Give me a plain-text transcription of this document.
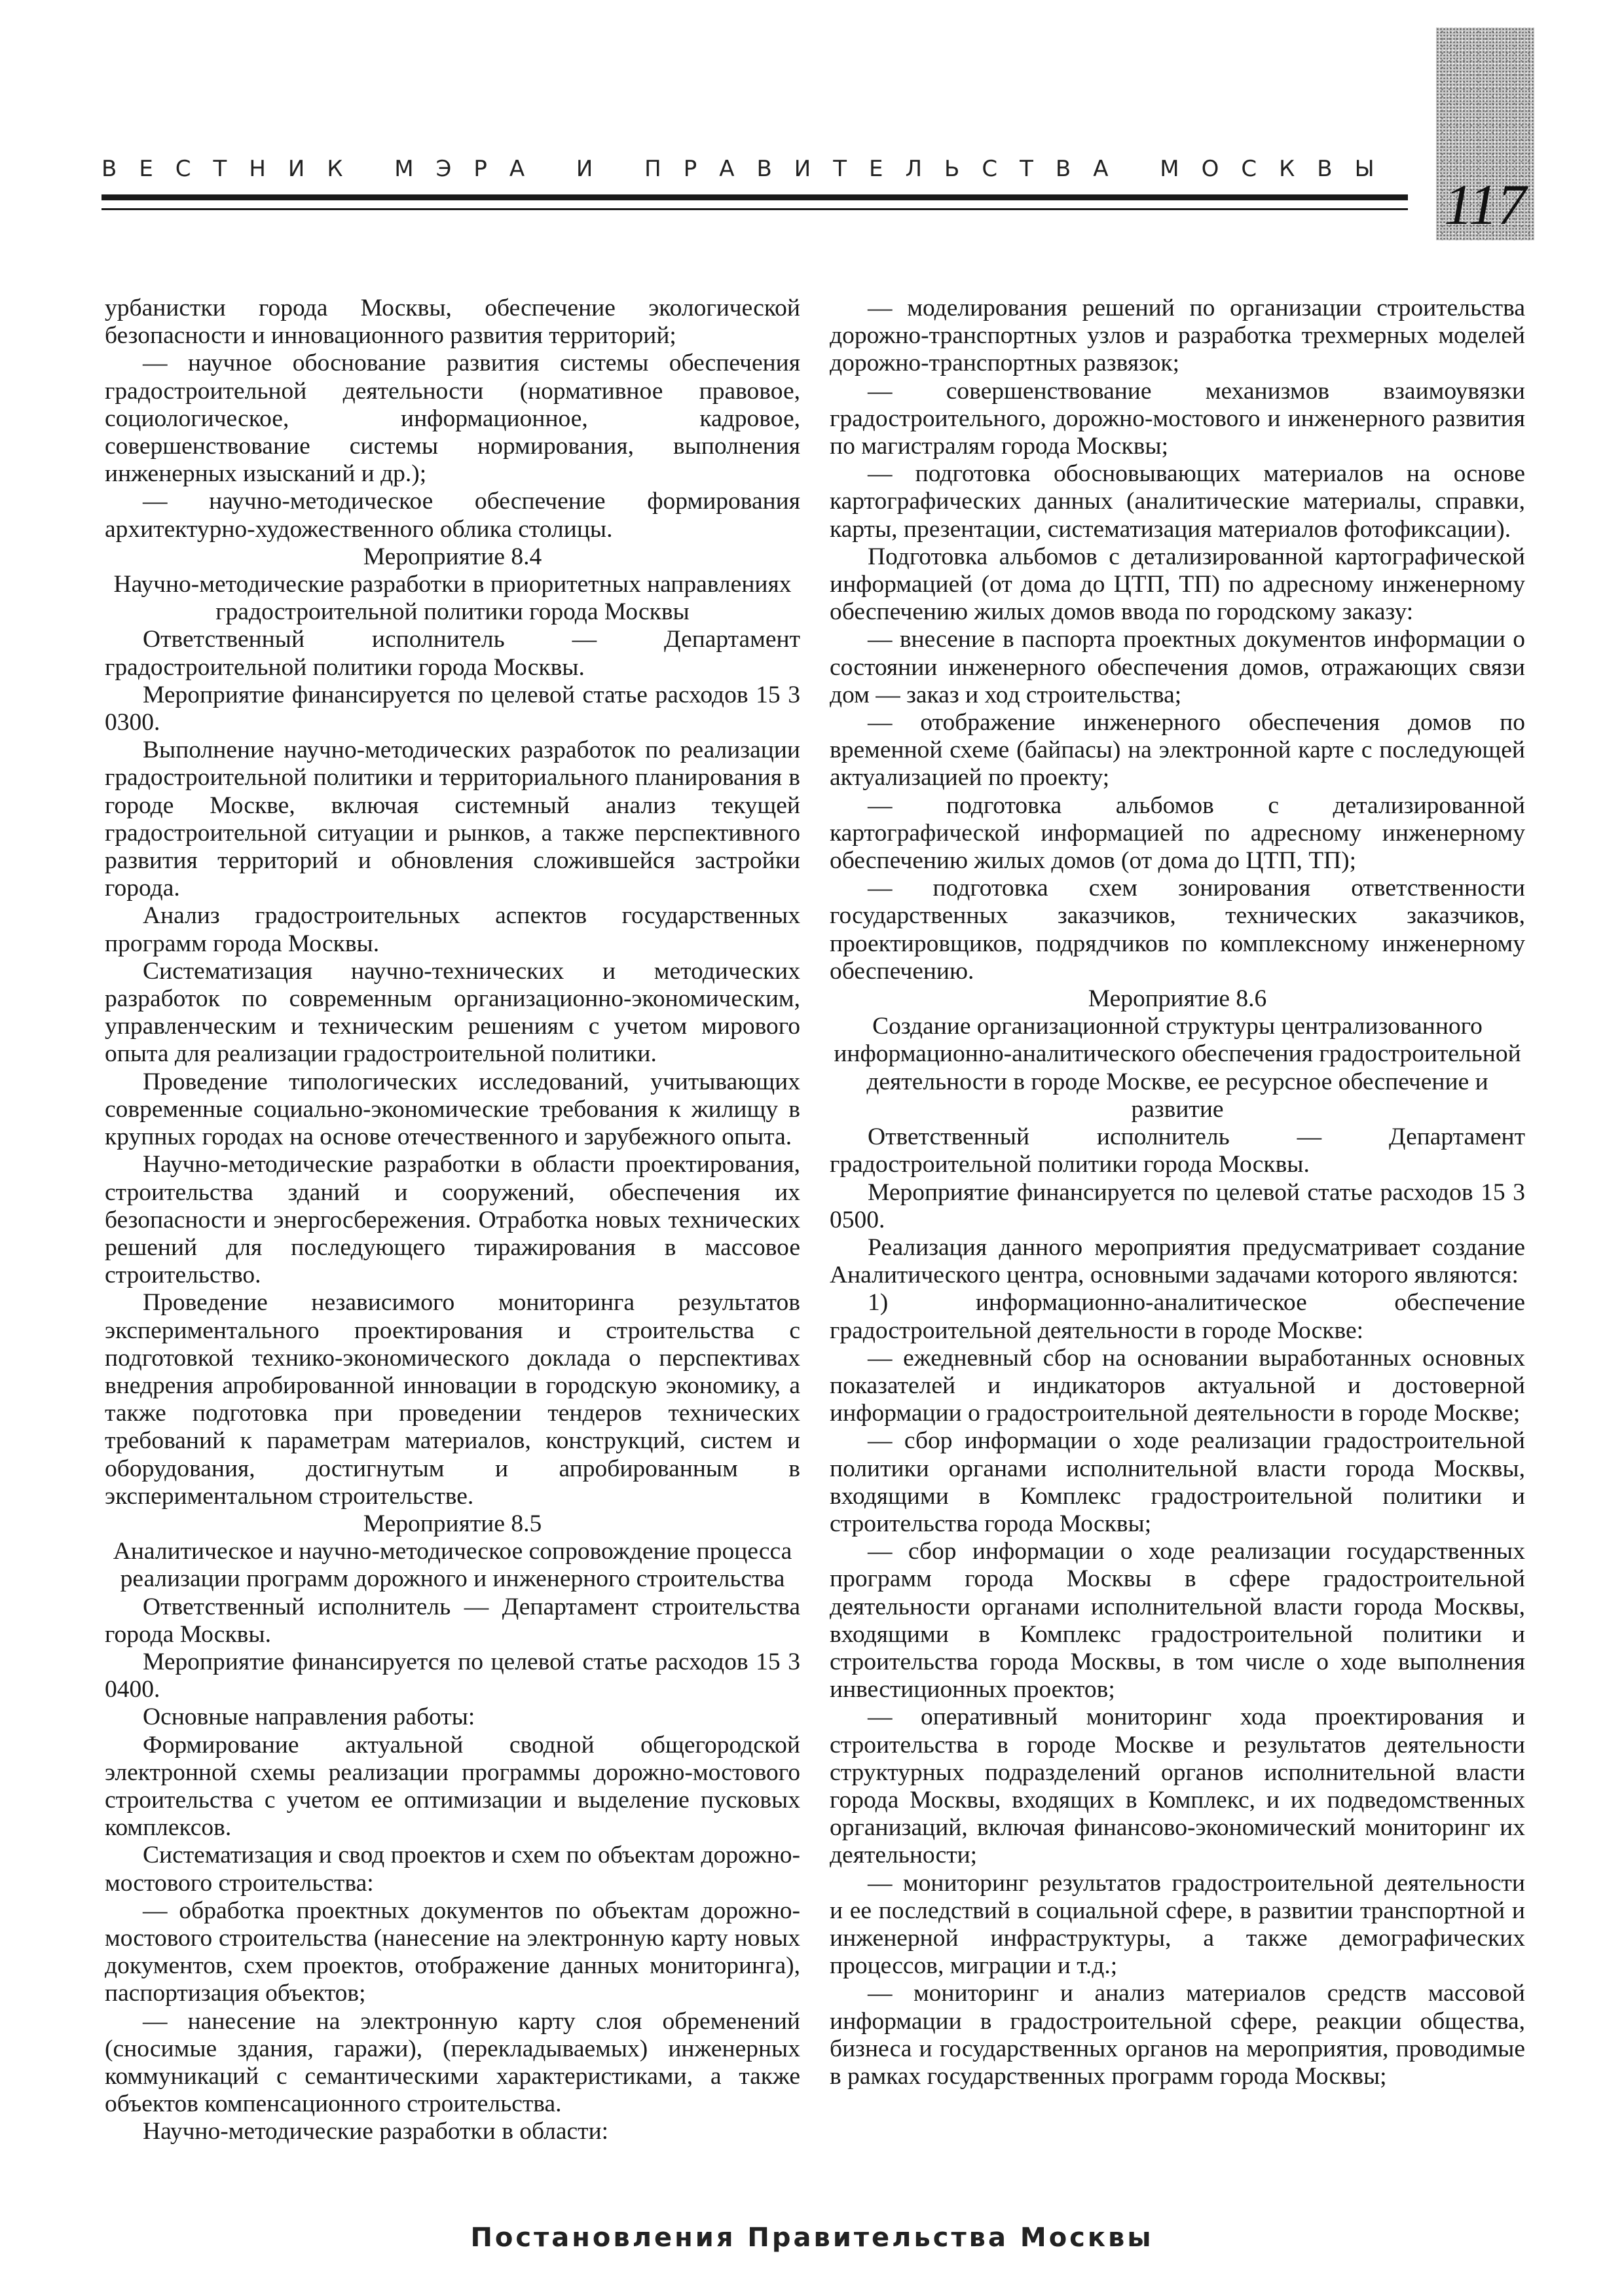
ВЕСТНИК МЭРА И ПРАВИТЕЛЬСТВА МОСКВЫ
117

урбанистки города Москвы, обеспечение экологической безопасности и инновационного развития территорий;

— научное обоснование развития системы обеспечения градостроительной деятельности (нормативное правовое, социологическое, информационное, кадровое, совершенствование системы нормирования, выполнения инженерных изысканий и др.);

— научно-методическое обеспечение формирования архитектурно-художественного облика столицы.

Мероприятие 8.4

Научно-методические разработки в приоритетных направлениях градостроительной политики города Москвы

Ответственный исполнитель — Департамент градостроительной политики города Москвы.

Мероприятие финансируется по целевой статье расходов 15 3 0300.

Выполнение научно-методических разработок по реализации градостроительной политики и территориального планирования в городе Москве, включая системный анализ текущей градостроительной ситуации и рынков, а также перспективного развития территорий и обновления сложившейся застройки города.

Анализ градостроительных аспектов государственных программ города Москвы.

Систематизация научно-технических и методических разработок по современным организационно-экономическим, управленческим и техническим решениям с учетом мирового опыта для реализации градостроительной политики.

Проведение типологических исследований, учитывающих современные социально-экономические требования к жилищу в крупных городах на основе отечественного и зарубежного опыта.

Научно-методические разработки в области проектирования, строительства зданий и сооружений, обеспечения их безопасности и энергосбережения. Отработка новых технических решений для последующего тиражирования в массовое строительство.

Проведение независимого мониторинга результатов экспериментального проектирования и строительства с подготовкой технико-экономического доклада о перспективах внедрения апробированной инновации в городскую экономику, а также подготовка при проведении тендеров технических требований к параметрам материалов, конструкций, систем и оборудования, достигнутым и апробированным в экспериментальном строительстве.

Мероприятие 8.5

Аналитическое и научно-методическое сопровождение процесса реализации программ дорожного и инженерного строительства

Ответственный исполнитель — Департамент строительства города Москвы.

Мероприятие финансируется по целевой статье расходов 15 3 0400.

Основные направления работы:

Формирование актуальной сводной общегородской электронной схемы реализации программы дорожно-мостового строительства с учетом ее оптимизации и выделение пусковых комплексов.

Систематизация и свод проектов и схем по объектам дорожно-мостового строительства:

— обработка проектных документов по объектам дорожно-мостового строительства (нанесение на электронную карту новых документов, схем проектов, отображение данных мониторинга), паспортизация объектов;

— нанесение на электронную карту слоя обременений (сносимые здания, гаражи), (перекладываемых) инженерных коммуникаций с семантическими характеристиками, а также объектов компенсационного строительства.

Научно-методические разработки в области:

— моделирования решений по организации строительства дорожно-транспортных узлов и разработка трехмерных моделей дорожно-транспортных развязок;

— совершенствование механизмов взаимоувязки градостроительного, дорожно-мостового и инженерного развития по магистралям города Москвы;

— подготовка обосновывающих материалов на основе картографических данных (аналитические материалы, справки, карты, презентации, систематизация материалов фотофиксации).

Подготовка альбомов с детализированной картографической информацией (от дома до ЦТП, ТП) по адресному инженерному обеспечению жилых домов ввода по городскому заказу:

— внесение в паспорта проектных документов информации о состоянии инженерного обеспечения домов, отражающих связи дом — заказ и ход строительства;

— отображение инженерного обеспечения домов по временной схеме (байпасы) на электронной карте с последующей актуализацией по проекту;

— подготовка альбомов с детализированной картографической информацией по адресному инженерному обеспечению жилых домов (от дома до ЦТП, ТП);

— подготовка схем зонирования ответственности государственных заказчиков, технических заказчиков, проектировщиков, подрядчиков по комплексному инженерному обеспечению.

Мероприятие 8.6

Создание организационной структуры централизованного информационно-аналитического обеспечения градостроительной деятельности в городе Москве, ее ресурсное обеспечение и развитие

Ответственный исполнитель — Департамент градостроительной политики города Москвы.

Мероприятие финансируется по целевой статье расходов 15 3 0500.

Реализация данного мероприятия предусматривает создание Аналитического центра, основными задачами которого являются:

1) информационно-аналитическое обеспечение градостроительной деятельности в городе Москве:

— ежедневный сбор на основании выработанных основных показателей и индикаторов актуальной и достоверной информации о градостроительной деятельности в городе Москве;

— сбор информации о ходе реализации градостроительной политики органами исполнительной власти города Москвы, входящими в Комплекс градостроительной политики и строительства города Москвы;

— сбор информации о ходе реализации государственных программ города Москвы в сфере градостроительной деятельности органами исполнительной власти города Москвы, входящими в Комплекс градостроительной политики и строительства города Москвы, в том числе о ходе выполнения инвестиционных проектов;

— оперативный мониторинг хода проектирования и строительства в городе Москве и результатов деятельности структурных подразделений органов исполнительной власти города Москвы, входящих в Комплекс, и их подведомственных организаций, включая финансово-экономический мониторинг их деятельности;

— мониторинг результатов градостроительной деятельности и ее последствий в социальной сфере, в развитии транспортной и инженерной инфраструктуры, а также демографических процессов, миграции и т.д.;

— мониторинг и анализ материалов средств массовой информации в градостроительной сфере, реакции общества, бизнеса и государственных органов на мероприятия, проводимые в рамках государственных программ города Москвы;

Постановления Правительства Москвы
